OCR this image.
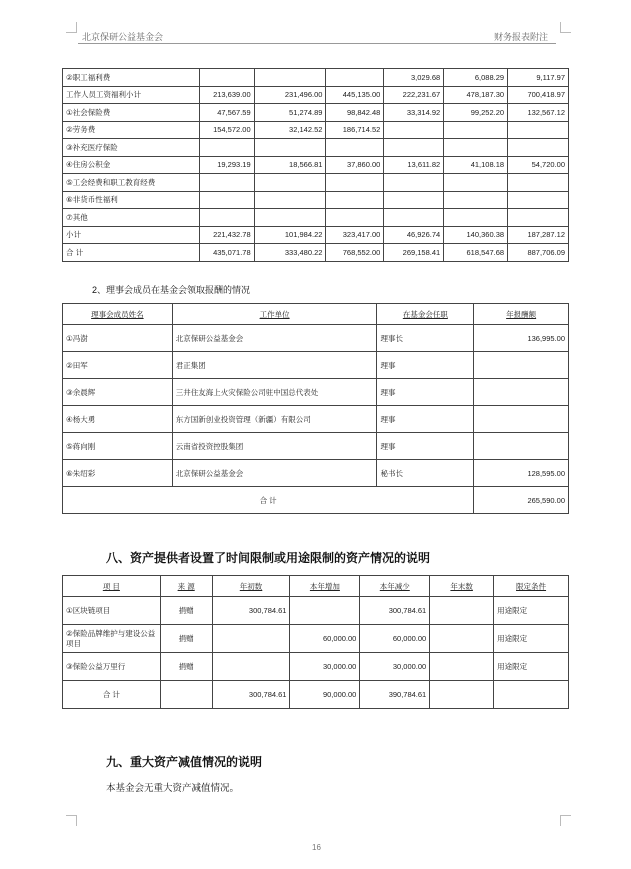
北京保研公益基金会	财务报表附注
②职工福利费				3,029.68	6,088.29	9,117.97
工作人员工资福利小计	213,639.00	231,496.00	445,135.00	222,231.67	478,187.30	700,418.97
①社会保险费	47,567.59	51,274.89	98,842.48	33,314.92	99,252.20	132,567.12
②劳务费	154,572.00	32,142.52	186,714.52			
③补充医疗保险						
④住房公积金	19,293.19	18,566.81	37,860.00	13,611.82	41,108.18	54,720.00
⑤工会经费和职工教育经费						
⑥非货币性福利						
⑦其他						
小计	221,432.78	101,984.22	323,417.00	46,926.74	140,360.38	187,287.12
合 计	435,071.78	333,480.22	768,552.00	269,158.41	618,547.68	887,706.09
2、理事会成员在基金会领取报酬的情况
理事会成员姓名	工作单位	在基金会任职	年报酬额
①冯澍	北京保研公益基金会	理事长	136,995.00
②田军	君正集团	理事	
③余晨辉	三井住友海上火灾保险公司驻中国总代表处	理事	
④杨大勇	东方国新创业投资管理（新疆）有限公司	理事	
⑤蒋向刚	云南省投资控股集团	理事	
⑥朱绍彩	北京保研公益基金会	秘书长	128,595.00
合 计			265,590.00
八、资产提供者设置了时间限制或用途限制的资产情况的说明
项 目	来 源	年初数	本年增加	本年减少	年末数	限定条件
①区块链项目	捐赠	300,784.61		300,784.61		用途限定
②保险品牌维护与建设公益项目	捐赠		60,000.00	60,000.00		用途限定
③保险公益万里行	捐赠		30,000.00	30,000.00		用途限定
合 计		300,784.61	90,000.00	390,784.61		
九、重大资产减值情况的说明
本基金会无重大资产减值情况。
16
